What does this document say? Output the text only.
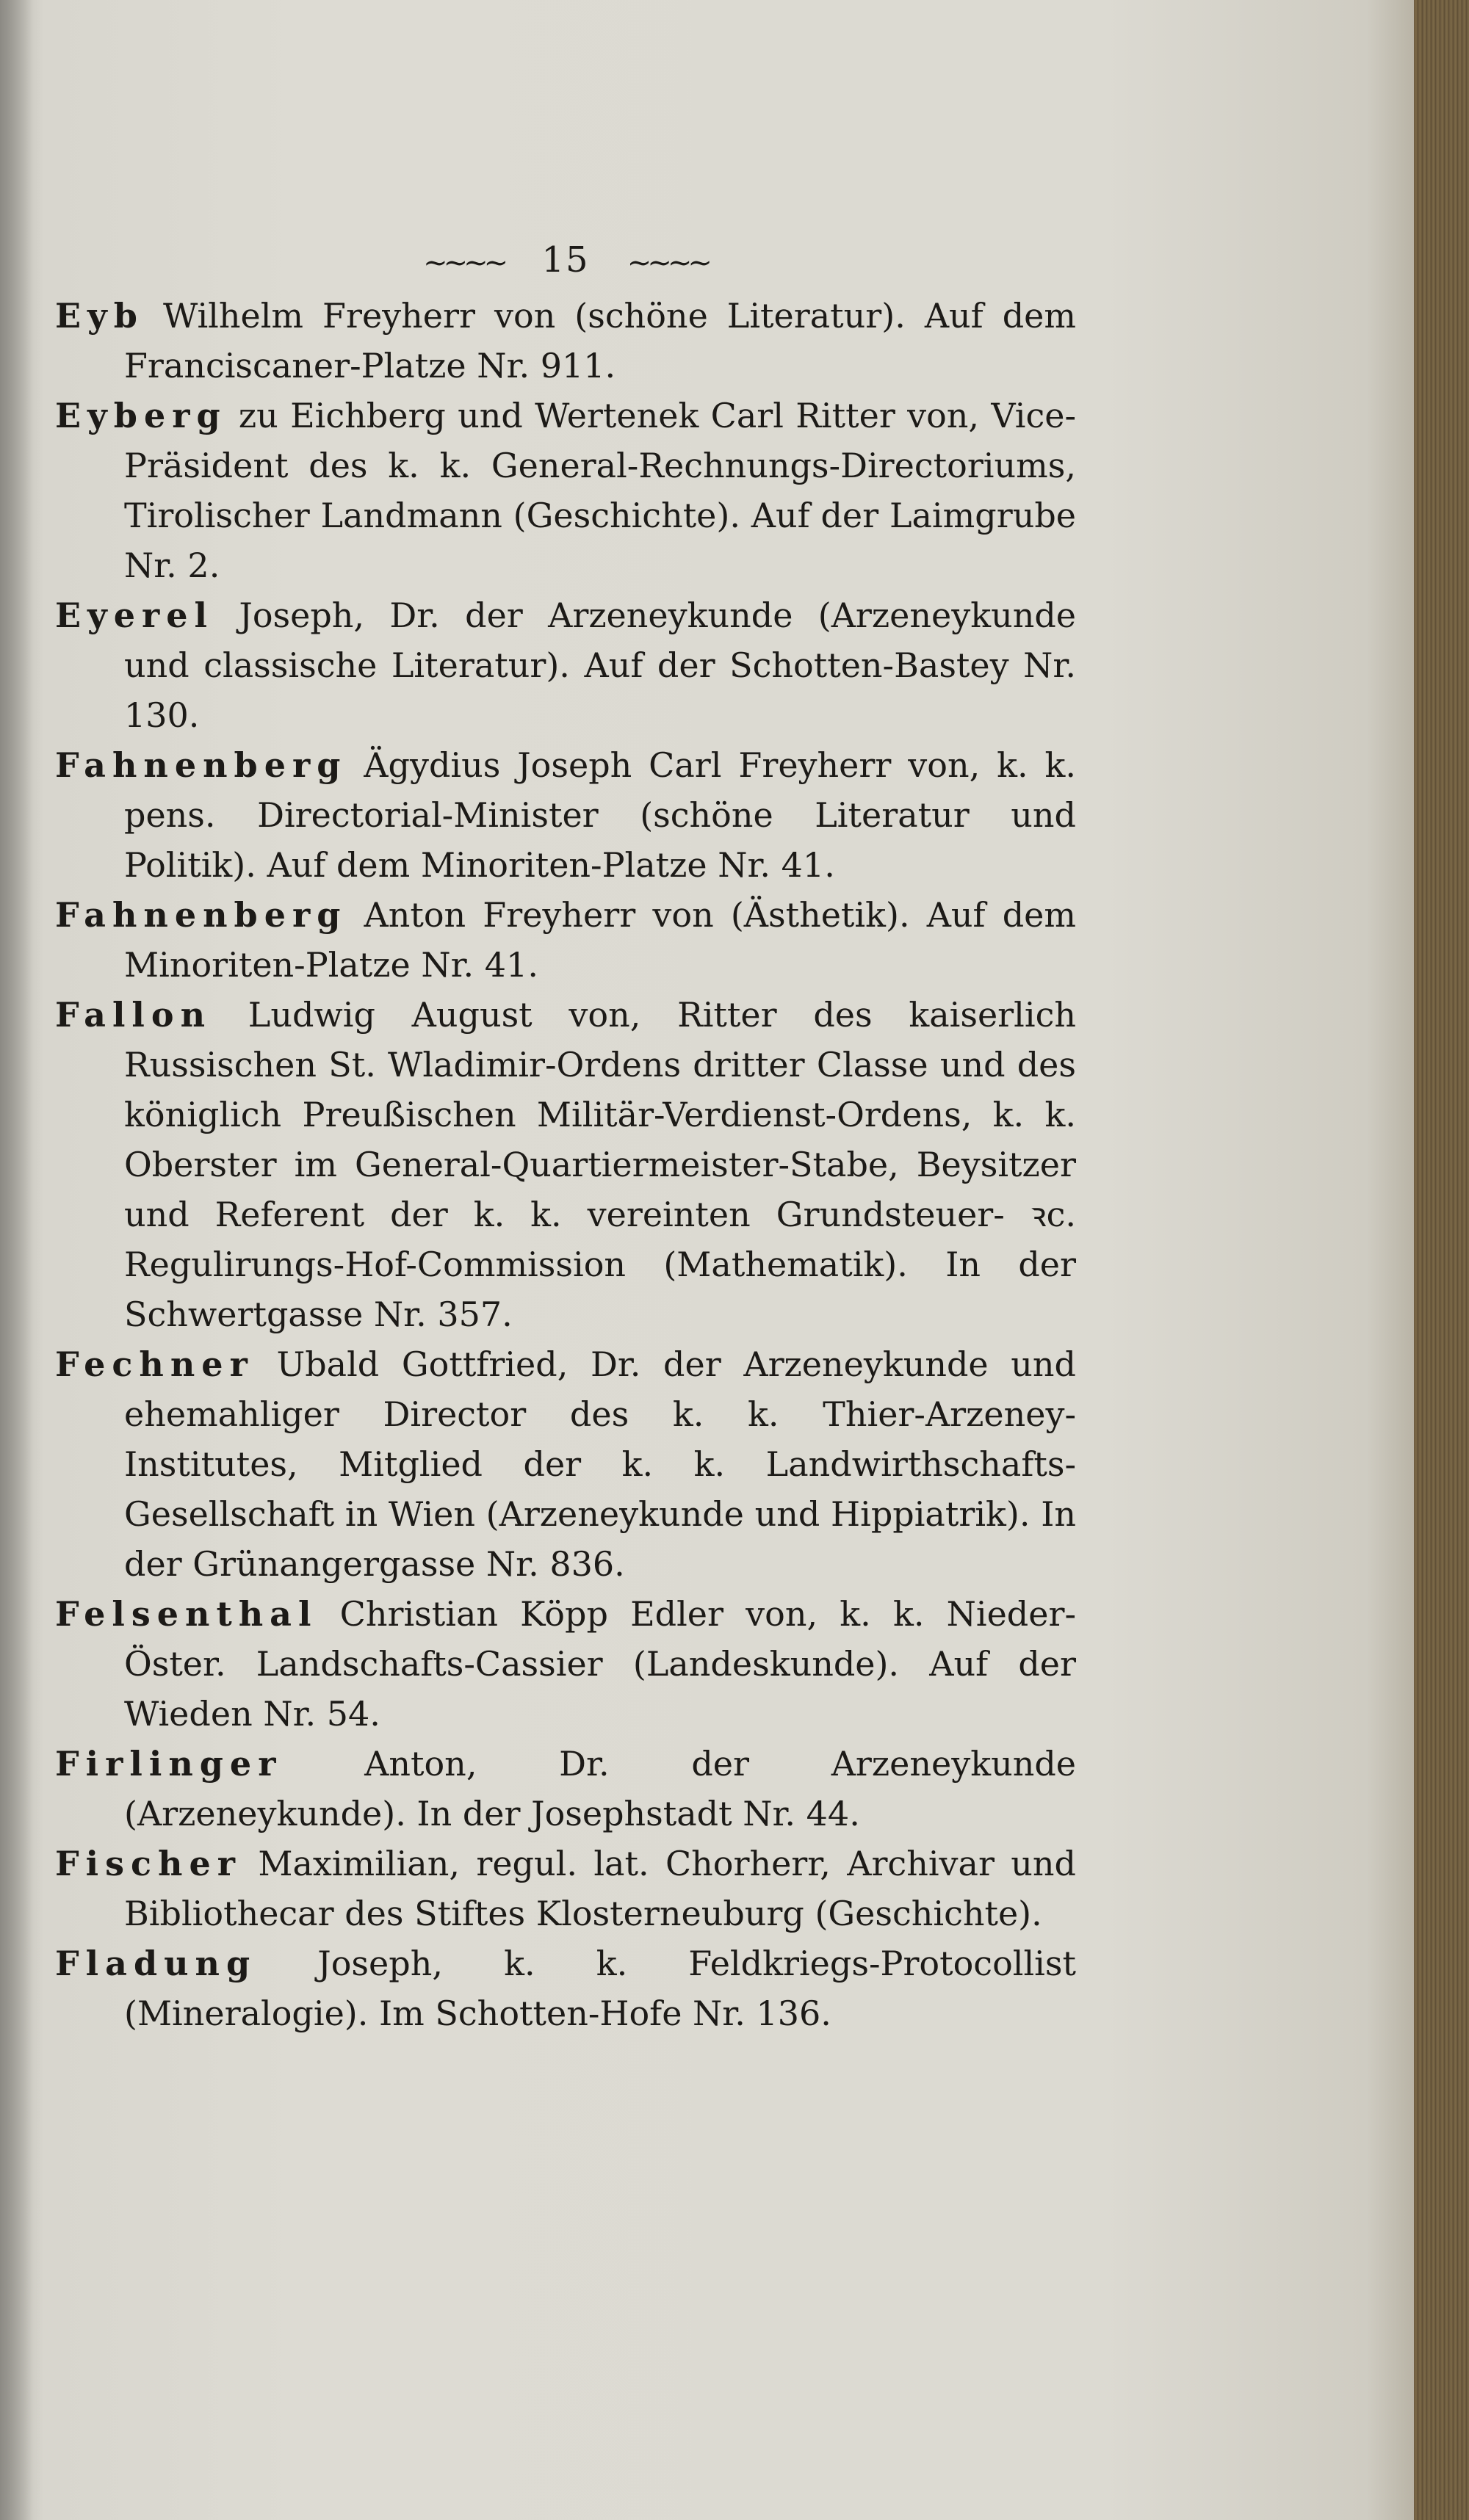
~~~~ 15 ~~~~

Eyb Wilhelm Freyherr von (schöne Literatur). Auf dem Franciscaner-Platze Nr. 911.

Eyberg zu Eichberg und Wertenek Carl Ritter von, Vice-Präsident des k. k. General-Rechnungs-Directoriums, Tirolischer Landmann (Geschichte). Auf der Laimgrube Nr. 2.

Eyerel Joseph, Dr. der Arzeneykunde (Arzeneykunde und classische Literatur). Auf der Schotten-Bastey Nr. 130.

Fahnenberg Ägydius Joseph Carl Freyherr von, k. k. pens. Directorial-Minister (schöne Literatur und Politik). Auf dem Minoriten-Platze Nr. 41.

Fahnenberg Anton Freyherr von (Ästhetik). Auf dem Minoriten-Platze Nr. 41.

Fallon Ludwig August von, Ritter des kaiserlich Russischen St. Wladimir-Ordens dritter Classe und des königlich Preußischen Militär-Verdienst-Ordens, k. k. Oberster im General-Quartiermeister-Stabe, Beysitzer und Referent der k. k. vereinten Grundsteuer- ꝛc. Regulirungs-Hof-Commission (Mathematik). In der Schwertgasse Nr. 357.

Fechner Ubald Gottfried, Dr. der Arzeneykunde und ehemahliger Director des k. k. Thier-Arzeney-Institutes, Mitglied der k. k. Landwirthschafts-Gesellschaft in Wien (Arzeneykunde und Hippiatrik). In der Grünangergasse Nr. 836.

Felsenthal Christian Köpp Edler von, k. k. Nieder-Öster. Landschafts-Cassier (Landeskunde). Auf der Wieden Nr. 54.

Firlinger Anton, Dr. der Arzeneykunde (Arzeneykunde). In der Josephstadt Nr. 44.

Fischer Maximilian, regul. lat. Chorherr, Archivar und Bibliothecar des Stiftes Klosterneuburg (Geschichte).

Fladung Joseph, k. k. Feldkriegs-Protocollist (Mineralogie). Im Schotten-Hofe Nr. 136.
